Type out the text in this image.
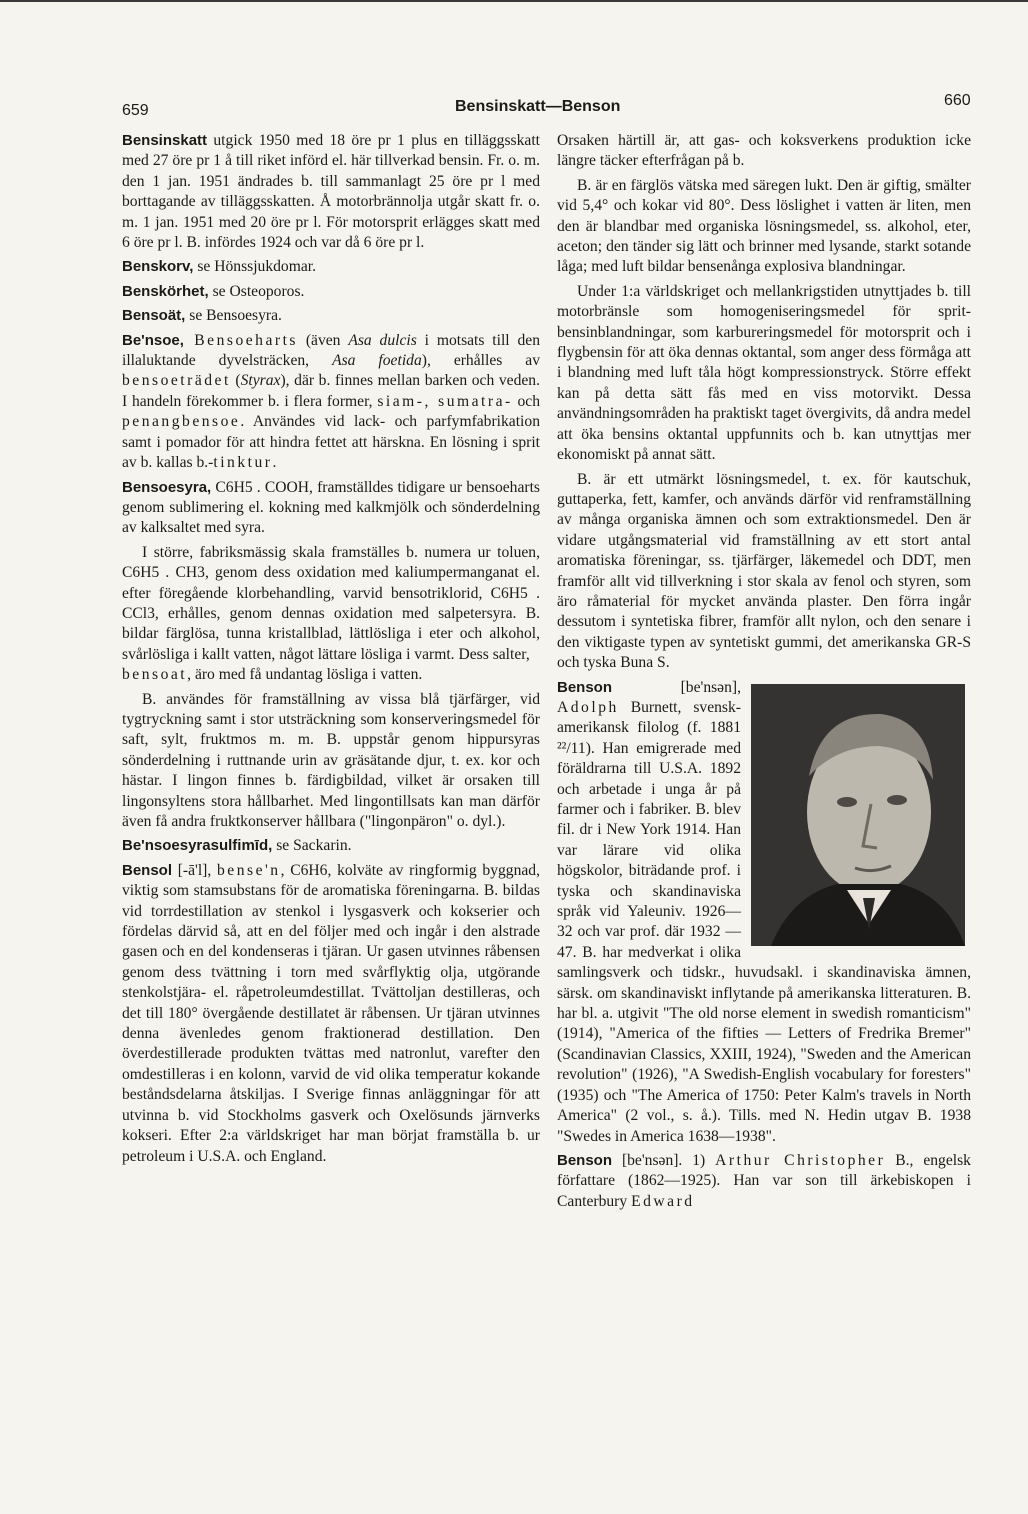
659	Bensinskatt—Benson	660

Bensinskatt utgick 1950 med 18 öre pr 1 plus en tilläggsskatt med 27 öre pr 1 å till riket införd el. här tillverkad bensin. Fr. o. m. den 1 jan. 1951 ändrades b. till sammanlagt 25 öre pr l med borttagande av tilläggsskatten. Å motorbrännolja utgår skatt fr. o. m. 1 jan. 1951 med 20 öre pr l. För motorsprit erlägges skatt med 6 öre pr l. B. infördes 1924 och var då 6 öre pr l.

Benskorv, se Hönssjukdomar.

Benskörhet, se Osteoporos.

Bensoät, se Bensoesyra.

Be'nsoe, Bensoeharts (även Asa dulcis i motsats till den illaluktande dyvelsträcken, Asa foetida), erhålles av bensoeträdet (Styrax), där b. finnes mellan barken och veden. I handeln förekommer b. i flera former, siam-, sumatra- och penangbensoe. Användes vid lack- och parfymfabrikation samt i pomador för att hindra fettet att härskna. En lösning i sprit av b. kallas b.-tinktur.

Bensoesyra, C6H5 . COOH, framställdes tidigare ur bensoeharts genom sublimering el. kokning med kalkmjölk och sönderdelning av kalksaltet med syra.

I större, fabriksmässig skala framställes b. numera ur toluen, C6H5 . CH3, genom dess oxidation med kaliumpermanganat el. efter föregående klorbehandling, varvid bensotriklorid, C6H5 . CCl3, erhålles, genom dennas oxidation med salpetersyra. B. bildar färglösa, tunna kristallblad, lättlösliga i eter och alkohol, svårlösliga i kallt vatten, något lättare lösliga i varmt. Dess salter,

bensoat, äro med få undantag lösliga i vatten.

B. användes för framställning av vissa blå tjärfärger, vid tygtryckning samt i stor utsträckning som konserveringsmedel för saft, sylt, fruktmos m. m. B. uppstår genom hippursyras sönderdelning i ruttnande urin av gräsätande djur, t. ex. kor och hästar. I lingon finnes b. färdigbildad, vilket är orsaken till lingonsyltens stora hållbarhet. Med lingontillsats kan man därför även få andra fruktkonserver hållbara ("lingonpäron" o. dyl.).

Be'nsoesyrasulfimīd, se Sackarin.

Bensol [-ā'l], bense'n, C6H6, kolväte av ringformig byggnad, viktig som stamsubstans för de aromatiska föreningarna. B. bildas vid torrdestillation av stenkol i lysgasverk och kokserier och fördelas därvid så, att en del följer med och ingår i den alstrade gasen och en del kondenseras i tjäran. Ur gasen utvinnes råbensen genom dess tvättning i torn med svårflyktig olja, utgörande stenkolstjära- el. råpetroleumdestillat. Tvättoljan destilleras, och det till 180° övergående destillatet är råbensen. Ur tjäran utvinnes denna ävenledes genom fraktionerad destillation. Den överdestillerade produkten tvättas med natronlut, varefter den omdestilleras i en kolonn, varvid de vid olika temperatur kokande beståndsdelarna åtskiljas. I Sverige finnas anläggningar för att utvinna b. vid Stockholms gasverk och Oxelösunds järnverks kokseri. Efter 2:a världskriget har man börjat framställa b. ur petroleum i U.S.A. och England.

Orsaken härtill är, att gas- och koksverkens produktion icke längre täcker efterfrågan på b.

B. är en färglös vätska med säregen lukt. Den är giftig, smälter vid 5,4° och kokar vid 80°. Dess löslighet i vatten är liten, men den är blandbar med organiska lösningsmedel, ss. alkohol, eter, aceton; den tänder sig lätt och brinner med lysande, starkt sotande låga; med luft bildar bensenånga explosiva blandningar.

Under 1:a världskriget och mellankrigstiden utnyttjades b. till motorbränsle som homogeniseringsmedel för sprit-bensinblandningar, som karbureringsmedel för motorsprit och i flygbensin för att öka dennas oktantal, som anger dess förmåga att i blandning med luft tåla högt kompressionstryck. Större effekt kan på detta sätt fås med en viss motorvikt. Dessa användningsområden ha praktiskt taget övergivits, då andra medel att öka bensins oktantal uppfunnits och b. kan utnyttjas mer ekonomiskt på annat sätt.

B. är ett utmärkt lösningsmedel, t. ex. för kautschuk, guttaperka, fett, kamfer, och används därför vid renframställning av många organiska ämnen och som extraktionsmedel. Den är vidare utgångsmaterial vid framställning av ett stort antal aromatiska föreningar, ss. tjärfärger, läkemedel och DDT, men framför allt vid tillverkning i stor skala av fenol och styren, som äro råmaterial för mycket använda plaster. Den förra ingår dessutom i syntetiska fibrer, framför allt nylon, och den senare i den viktigaste typen av syntetiskt gummi, det amerikanska GR-S och tyska Buna S.

Benson [be'nsən], Adolph Burnett, svensk-amerikansk filolog (f. 1881 ²²/11). Han emigrerade med föräldrarna till U.S.A. 1892 och arbetade i unga år på farmer och i fabriker. B. blev fil. dr i New York 1914. Han var lärare vid olika högskolor, biträdande prof. i tyska och skandinaviska språk vid Yaleuniv. 1926—32 och var prof. där 1932 —47. B. har medverkat i olika samlingsverk och tidskr., huvudsakl. i skandinaviska ämnen, särsk. om skandinaviskt inflytande på amerikanska litteraturen. B. har bl. a. utgivit "The old norse element in swedish romanticism" (1914), "America of the fifties — Letters of Fredrika Bremer" (Scandinavian Classics, XXIII, 1924), "Sweden and the American revolution" (1926), "A Swedish-English vocabulary for foresters" (1935) och "The America of 1750: Peter Kalm's travels in North America" (2 vol., s. å.). Tills. med N. Hedin utgav B. 1938 "Swedes in America 1638—1938".

Benson [be'nsən]. 1) Arthur Christopher B., engelsk författare (1862—1925). Han var son till ärkebiskopen i Canterbury Edward
